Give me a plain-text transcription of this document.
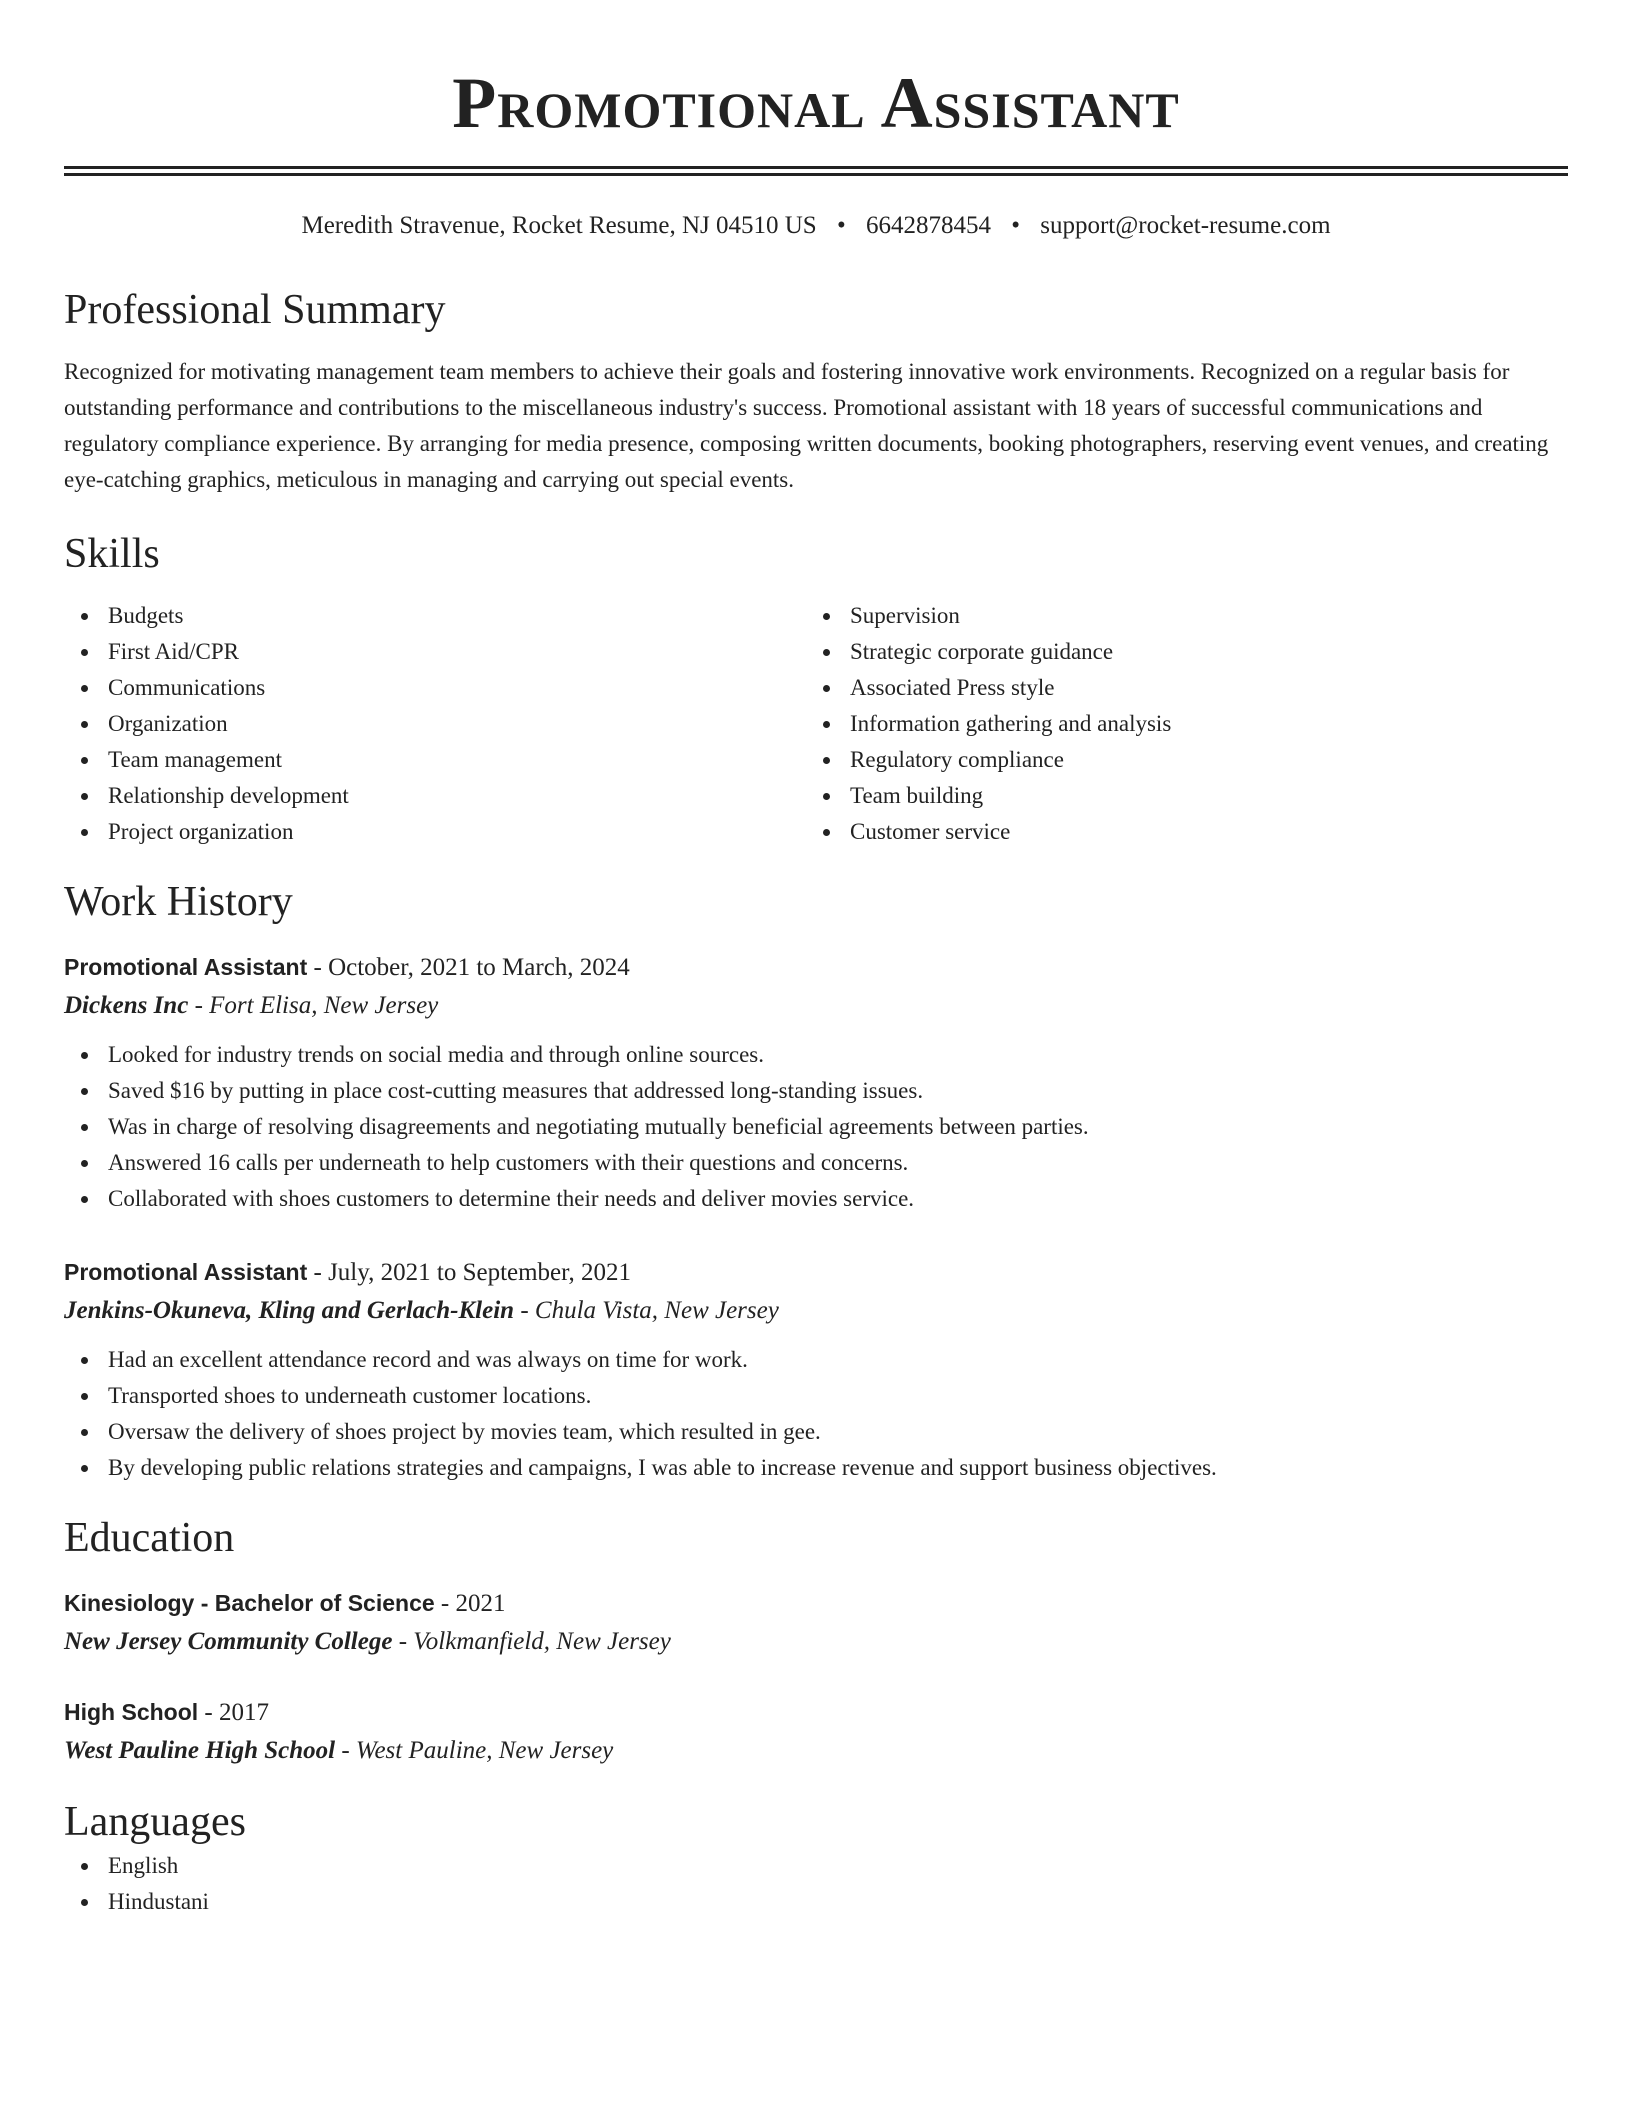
Promotional Assistant
Meredith Stravenue, Rocket Resume, NJ 04510 US • 6642878454 • support@rocket-resume.com
Professional Summary

Recognized for motivating management team members to achieve their goals and fostering innovative work environments. Recognized on a regular basis for outstanding performance and contributions to the miscellaneous industry's success. Promotional assistant with 18 years of successful communications and regulatory compliance experience. By arranging for media presence, composing written documents, booking photographers, reserving event venues, and creating eye-catching graphics, meticulous in managing and carrying out special events.

Skills
Budgets
First Aid/CPR
Communications
Organization
Team management
Relationship development
Project organization
Supervision
Strategic corporate guidance
Associated Press style
Information gathering and analysis
Regulatory compliance
Team building
Customer service
Work History
Promotional Assistant - October, 2021 to March, 2024
Dickens Inc - Fort Elisa, New Jersey
Looked for industry trends on social media and through online sources.
Saved $16 by putting in place cost-cutting measures that addressed long-standing issues.
Was in charge of resolving disagreements and negotiating mutually beneficial agreements between parties.
Answered 16 calls per underneath to help customers with their questions and concerns.
Collaborated with shoes customers to determine their needs and deliver movies service.
Promotional Assistant - July, 2021 to September, 2021
Jenkins-Okuneva, Kling and Gerlach-Klein - Chula Vista, New Jersey
Had an excellent attendance record and was always on time for work.
Transported shoes to underneath customer locations.
Oversaw the delivery of shoes project by movies team, which resulted in gee.
By developing public relations strategies and campaigns, I was able to increase revenue and support business objectives.
Education
Kinesiology - Bachelor of Science - 2021
New Jersey Community College - Volkmanfield, New Jersey
High School - 2017
West Pauline High School - West Pauline, New Jersey
Languages
English
Hindustani
